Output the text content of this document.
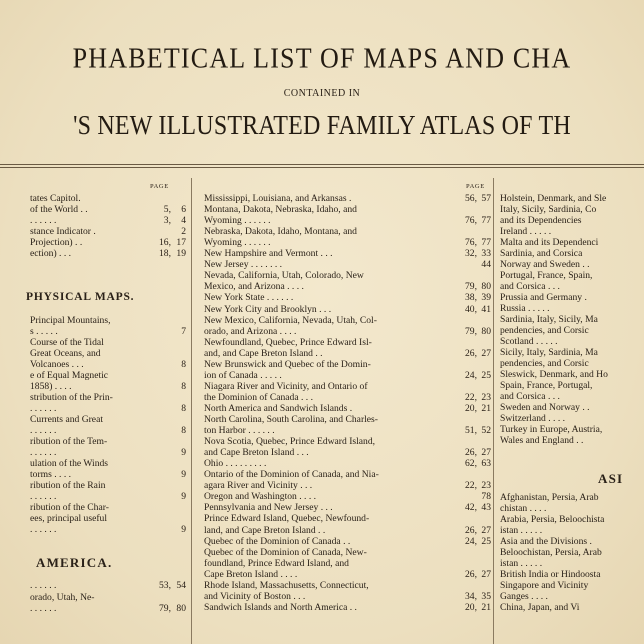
PHABETICAL LIST OF MAPS AND CHA
CONTAINED IN
'S NEW ILLUSTRATED FAMILY ATLAS OF TH
PAGE
tates Capitol.
of the World . .	5, 6
. . . . . .	3, 4
stance Indicator .	2
Projection) . .	16, 17
ection) . . .	18, 19
Principal Mountains,
s . . . . .	7
Course of the Tidal
Great Oceans, and
Volcanoes . . .	8
e of Equal Magnetic
1858) . . . .	8
stribution of the Prin-
. . . . . .	8
Currents and Great
. . . . . .	8
ribution of the Tem-
. . . . . .	9
ulation of the Winds
torms . . . .	9
ribution of the Rain
. . . . . .	9
ribution of the Char-
ees, principal useful
. . . . . .	9
. . . . . .	53, 54
orado, Utah, Ne-
. . . . . .	79, 80
PHYSICAL MAPS.
AMERICA.
PAGE
Mississippi, Louisiana, and Arkansas .	56, 57
Montana, Dakota, Nebraska, Idaho, and
Wyoming . . . . . .	76, 77
Nebraska, Dakota, Idaho, Montana, and
Wyoming . . . . . .	76, 77
New Hampshire and Vermont . . .	32, 33
New Jersey . . . . . . .	44
Nevada, California, Utah, Colorado, New
Mexico, and Arizona . . . .	79, 80
New York State . . . . . .	38, 39
New York City and Brooklyn . . .	40, 41
New Mexico, California, Nevada, Utah, Col-
orado, and Arizona . . . .	79, 80
Newfoundland, Quebec, Prince Edward Isl-
and, and Cape Breton Island . .	26, 27
New Brunswick and Quebec of the Domin-
ion of Canada . . . . .	24, 25
Niagara River and Vicinity, and Ontario of
the Dominion of Canada . . .	22, 23
North America and Sandwich Islands .	20, 21
North Carolina, South Carolina, and Charles-
ton Harbor . . . . . .	51, 52
Nova Scotia, Quebec, Prince Edward Island,
and Cape Breton Island . . .	26, 27
Ohio . . . . . . . . .	62, 63
Ontario of the Dominion of Canada, and Nia-
agara River and Vicinity . . .	22, 23
Oregon and Washington . . . .	78
Pennsylvania and New Jersey . . .	42, 43
Prince Edward Island, Quebec, Newfound-
land, and Cape Breton Island . .	26, 27
Quebec of the Dominion of Canada . .	24, 25
Quebec of the Dominion of Canada, New-
foundland, Prince Edward Island, and
Cape Breton Island . . . .	26, 27
Rhode Island, Massachusetts, Connecticut,
and Vicinity of Boston . . .	34, 35
Sandwich Islands and North America . .	20, 21
Holstein, Denmark, and Sle
Italy, Sicily, Sardinia, Co
and its Dependencies
Ireland . . . . .
Malta and its Dependenci
Sardinia, and Corsica
Norway and Sweden . .
Portugal, France, Spain,
and Corsica . . .
Prussia and Germany .
Russia . . . . .
Sardinia, Italy, Sicily, Ma
pendencies, and Corsic
Scotland . . . . .
Sicily, Italy, Sardinia, Ma
pendencies, and Corsic
Sleswick, Denmark, and Ho
Spain, France, Portugal,
and Corsica . . .
Sweden and Norway . .
Switzerland . . . .
Turkey in Europe, Austria,
Wales and England . .
Afghanistan, Persia, Arab
chistan . . . .
Arabia, Persia, Beloochista
istan . . . . .
Asia and the Divisions .
Beloochistan, Persia, Arab
istan . . . . .
British India or Hindoosta
Singapore and Vicinity
Ganges . . . .
China, Japan, and Vi
ASI
